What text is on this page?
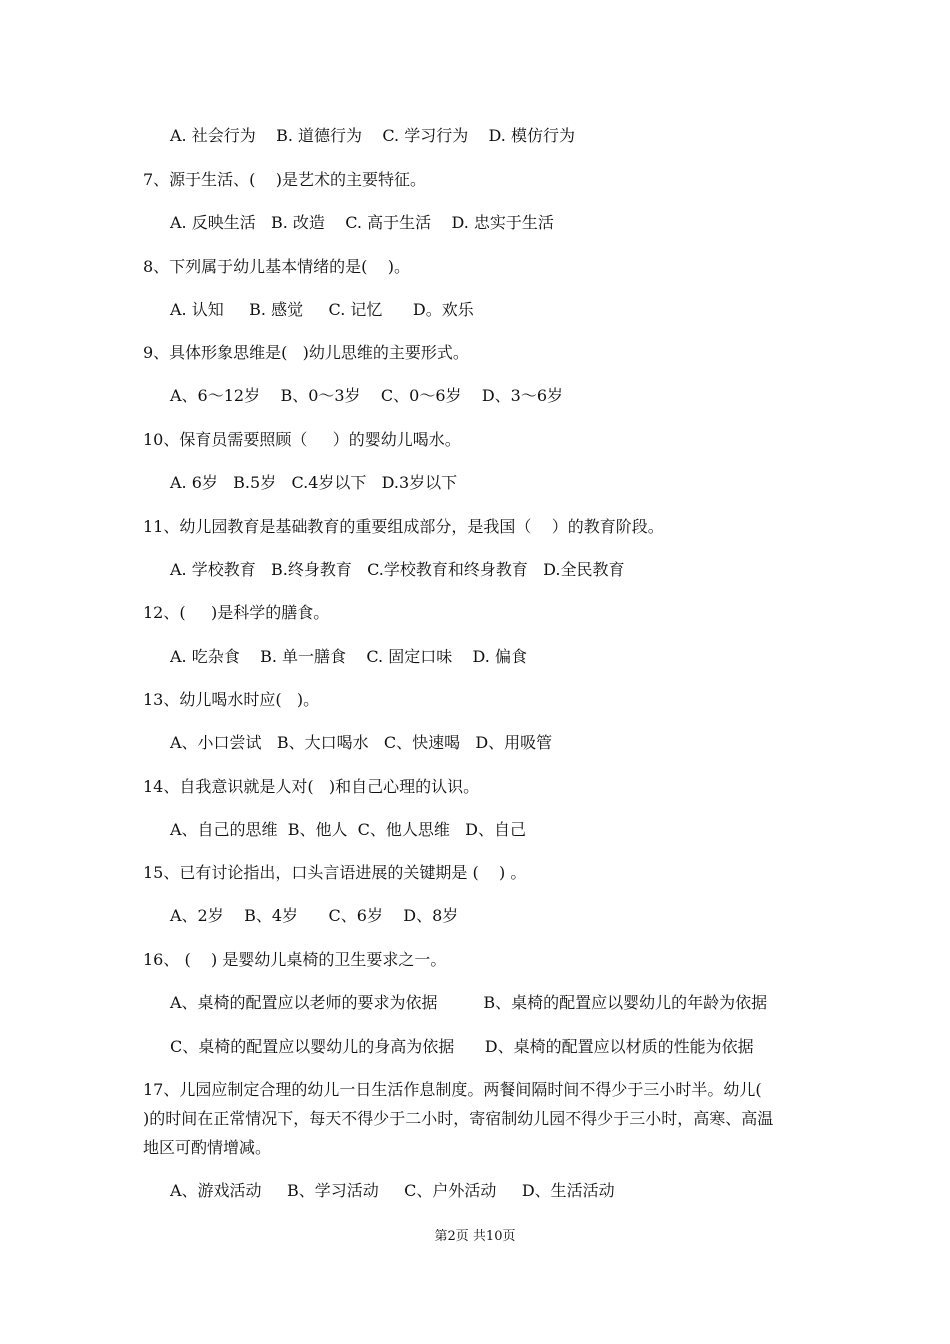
A. 社会行为    B. 道德行为    C. 学习行为    D. 模仿行为
7、源于生活、(    )是艺术的主要特征。
A. 反映生活   B. 改造    C. 高于生活    D. 忠实于生活
8、下列属于幼儿基本情绪的是(    )。
A. 认知     B. 感觉     C. 记忆      D。欢乐
9、具体形象思维是(   )幼儿思维的主要形式。
A、6～12岁    B、0～3岁    C、0～6岁    D、3～6岁
10、保育员需要照顾（     ）的婴幼儿喝水。
A. 6岁   B.5岁   C.4岁以下   D.3岁以下
11、幼儿园教育是基础教育的重要组成部分，是我国（    ）的教育阶段。
A. 学校教育   B.终身教育   C.学校教育和终身教育   D.全民教育
12、(     )是科学的膳食。
A. 吃杂食    B. 单一膳食    C. 固定口味    D. 偏食
13、幼儿喝水时应(   )。
A、小口尝试   B、大口喝水   C、快速喝   D、用吸管
14、自我意识就是人对(   )和自己心理的认识。
A、自己的思维  B、他人  C、他人思维   D、自己
15、已有讨论指出，口头言语进展的关键期是 (    ) 。
A、2岁    B、4岁      C、6岁    D、8岁
16、 (    ) 是婴幼儿桌椅的卫生要求之一。
A、桌椅的配置应以老师的要求为依据         B、桌椅的配置应以婴幼儿的年龄为依据
C、桌椅的配置应以婴幼儿的身高为依据      D、桌椅的配置应以材质的性能为依据
17、儿园应制定合理的幼儿一日生活作息制度。两餐间隔时间不得少于三小时半。幼儿(
)的时间在正常情况下，每天不得少于二小时，寄宿制幼儿园不得少于三小时，高寒、高温
地区可酌情增减。
A、游戏活动     B、学习活动     C、户外活动     D、生活活动
第2页 共10页
